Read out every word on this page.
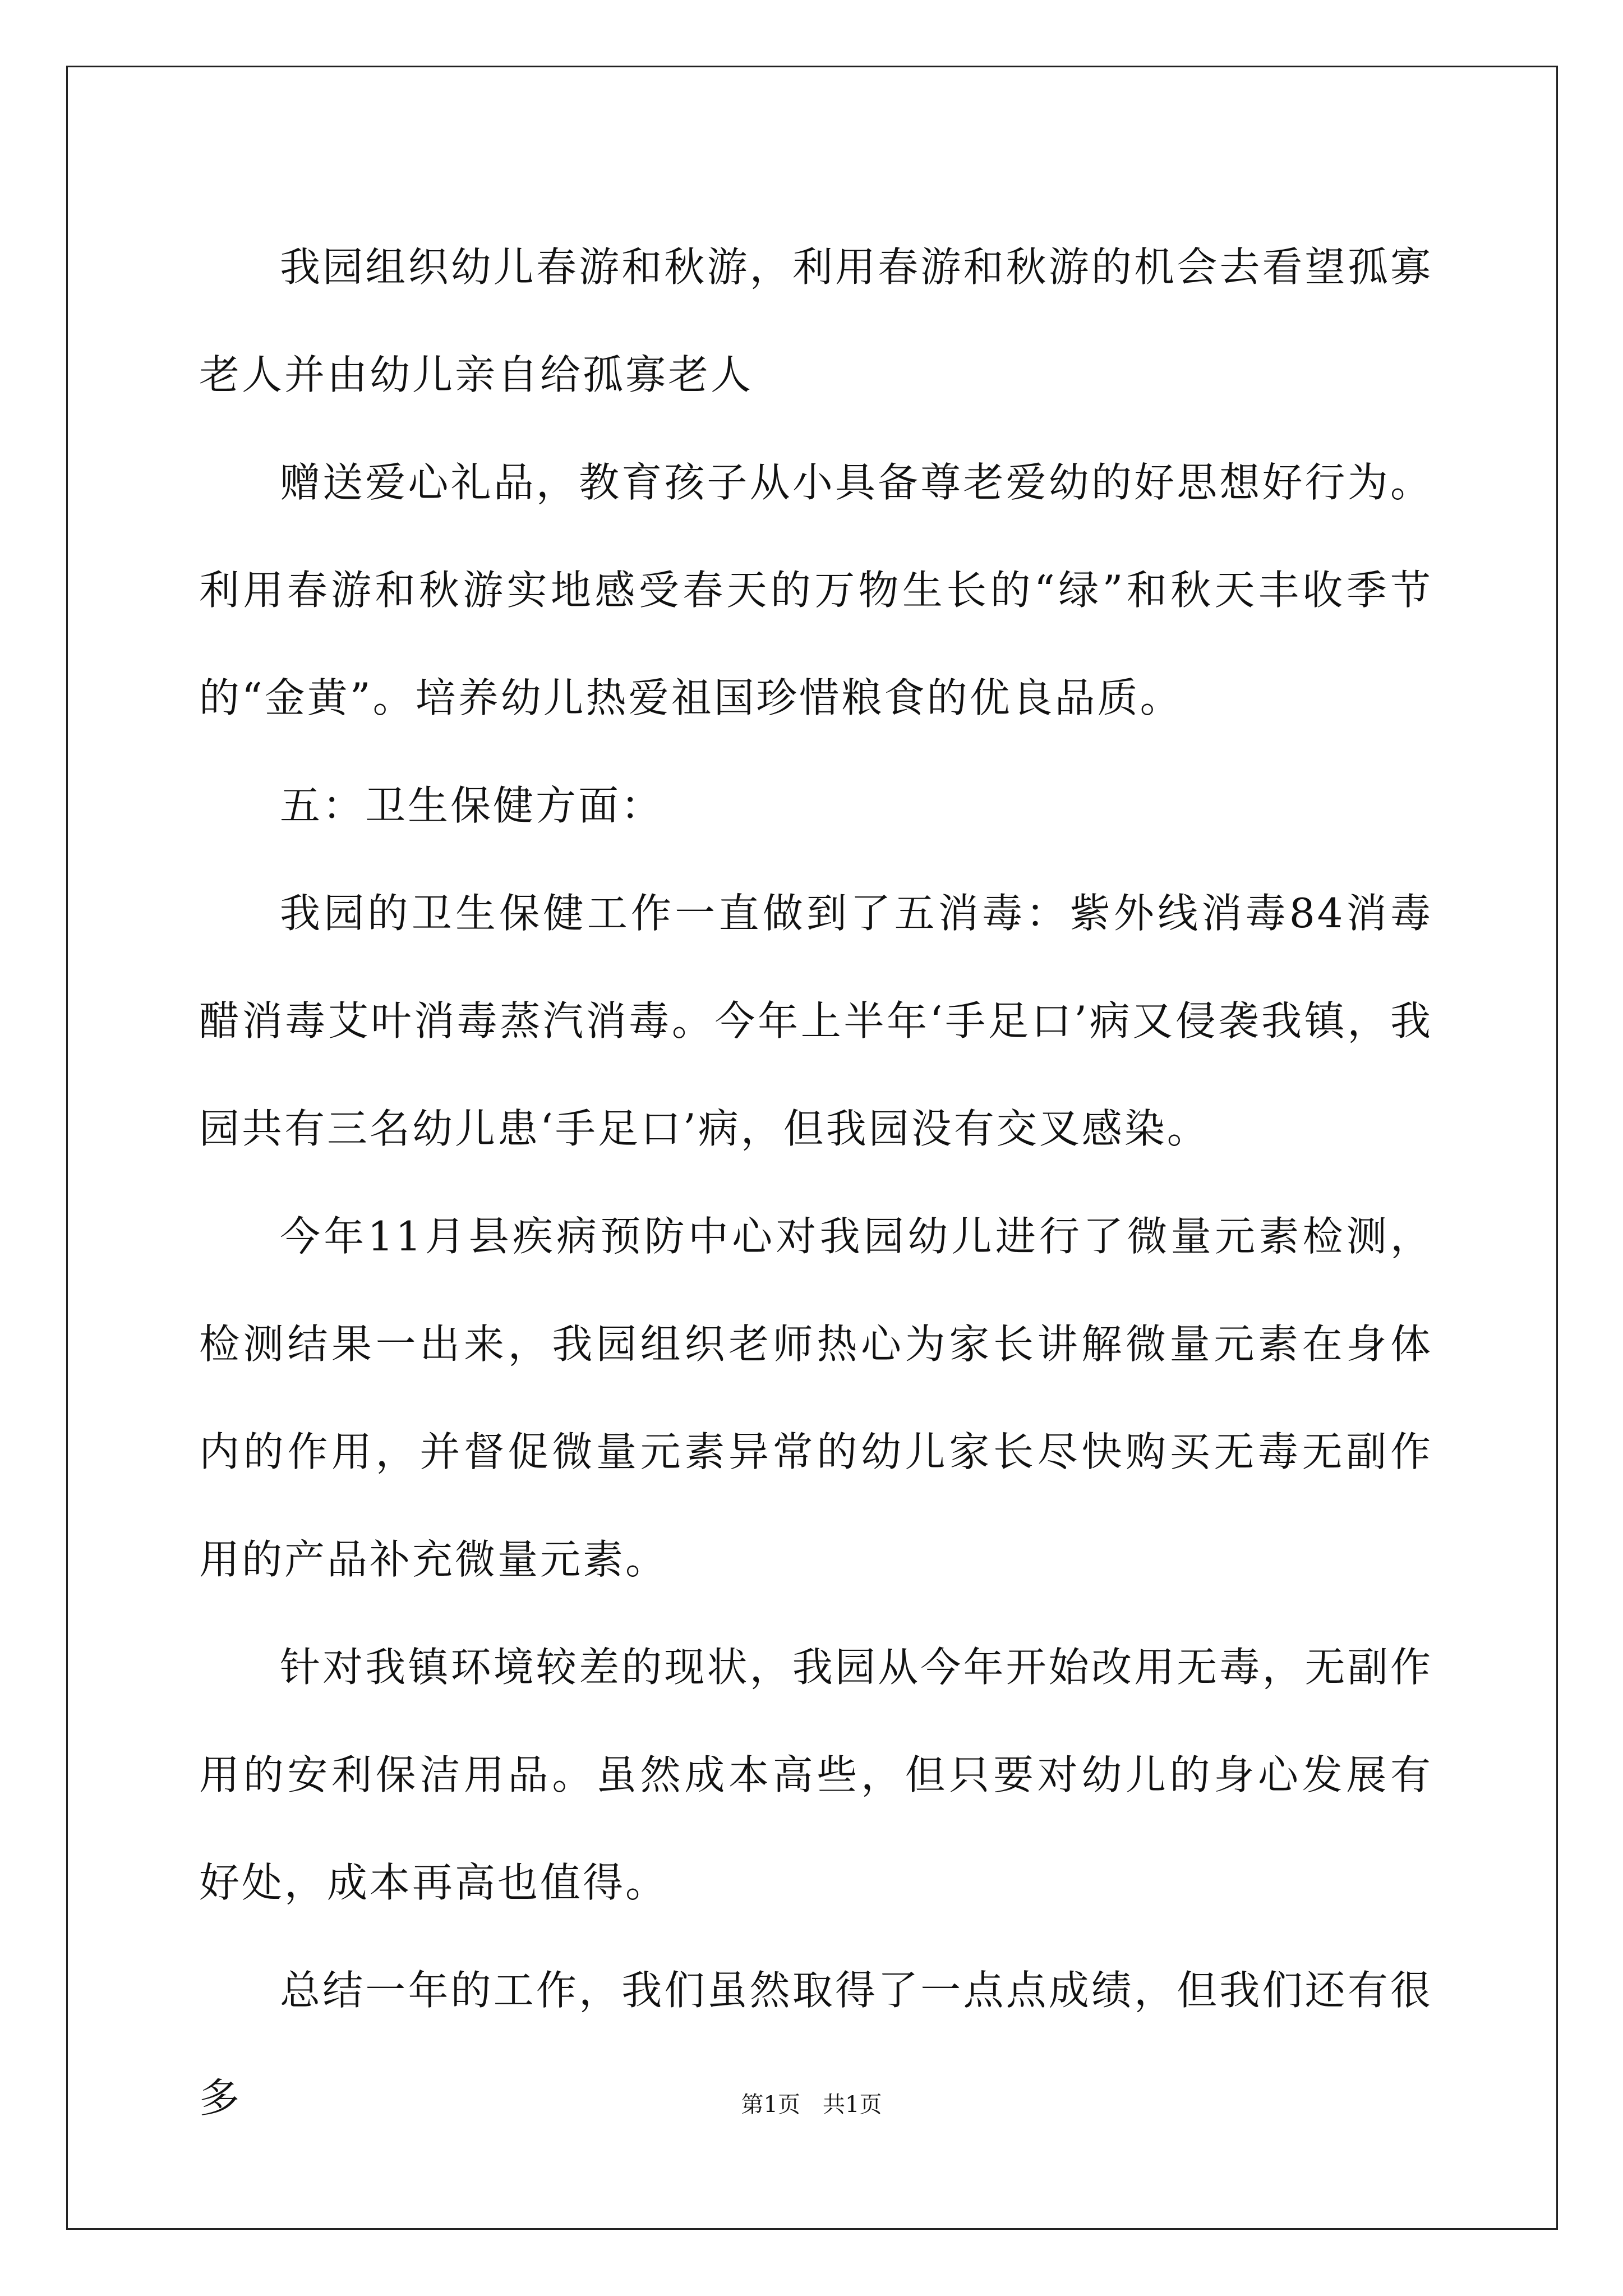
我园组织幼儿春游和秋游，利用春游和秋游的机会去看望孤寡老人并由幼儿亲自给孤寡老人

赠送爱心礼品，教育孩子从小具备尊老爱幼的好思想好行为。利用春游和秋游实地感受春天的万物生长的“绿”和秋天丰收季节的“金黄”。培养幼儿热爱祖国珍惜粮食的优良品质。

五：卫生保健方面：

我园的卫生保健工作一直做到了五消毒：紫外线消毒84消毒醋消毒艾叶消毒蒸汽消毒。今年上半年‘手足口’病又侵袭我镇，我园共有三名幼儿患‘手足口’病，但我园没有交叉感染。

今年11月县疾病预防中心对我园幼儿进行了微量元素检测，检测结果一出来，我园组织老师热心为家长讲解微量元素在身体内的作用，并督促微量元素异常的幼儿家长尽快购买无毒无副作用的产品补充微量元素。

针对我镇环境较差的现状，我园从今年开始改用无毒，无副作用的安利保洁用品。虽然成本高些，但只要对幼儿的身心发展有好处，成本再高也值得。

总结一年的工作，我们虽然取得了一点点成绩，但我们还有很多	第1页 共1页
